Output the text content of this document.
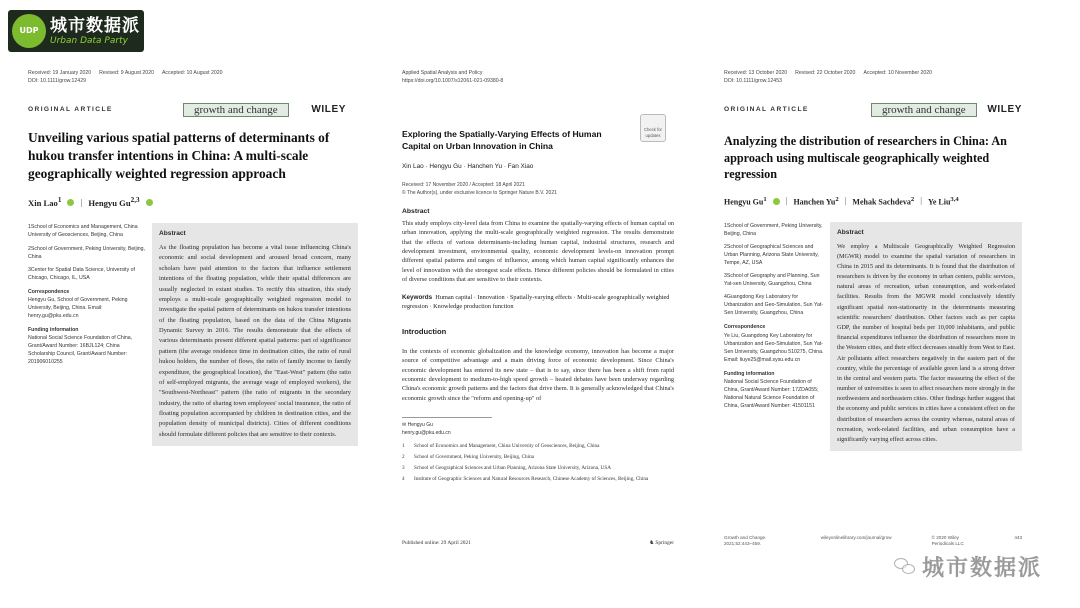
UDP 城市数据派
Urban Data Party
Received: 19 January 2020 Revised: 9 August 2020 Accepted: 10 August 2020
DOI: 10.1111/grow.12429
ORIGINAL ARTICLE	growth and change	WILEY
Unveiling various spatial patterns of determinants of hukou transfer intentions in China: A multi-scale geographically weighted regression approach
Xin Lao$^1$ | Hengyu Gu$^{2,3}$

1School of Economics and Management, China University of Geosciences, Beijing, China

2School of Government, Peking University, Beijing, China

3Center for Spatial Data Science, University of Chicago, Chicago, IL, USA

Correspondence
Hengyu Gu, School of Government, Peking University, Beijing, China. Email: henry.gu@pku.edu.cn

Funding information
National Social Science Foundation of China, Grant/Award Number: 16BJL124; China Scholarship Council, Grant/Award Number: 201906010255

Abstract
As the floating population has become a vital issue influencing China's economic and social development and aroused broad concern, many scholars have paid attention to the factors that influence settlement intentions of the floating population, while their spatial differences are usually neglected in extant studies. To rectify this situation, this study employs a multi-scale geographically weighted regression model to investigate the spatial pattern of determinants on hukou transfer intentions of the floating population, based on the data of the China Migrants Dynamic Survey in 2016. The results demonstrate that the effects of various determinants present different spatial patterns: part of significance pattern (the average residence time in destination cities, the ratio of rural hukou holders, the number of flows, the ratio of family income to family expenditure, the geographical location), the "East-West" pattern (the ratio of self-employed migrants, the average wage of employed workers), the "Southwest-Northeast" pattern (the ratio of migrants in the secondary industry, the ratio of sharing town employees' social insurance, the ratio of floating population accompanied by children in destination cities, and the population density of municipal districts). Cities of different conditions should formulate different policies that are sensitive to their contexts.
Applied Spatial Analysis and Policy
https://doi.org/10.1007/s12061-021-09380-8
Check for updates
Exploring the Spatially-Varying Effects of Human Capital on Urban Innovation in China
Xin Lao · Hengyu Gu · Hanchen Yu · Fan Xiao
Received: 17 November 2020 / Accepted: 18 April 2021
© The Author(s), under exclusive licence to Springer Nature B.V. 2021
Abstract
This study employs city-level data from China to examine the spatially-varying effects of human capital on urban innovation, applying the multi-scale geographically weighted regression. The results demonstrate that the effects of various determinants-including human capital, industrial structures, research and development investment, environmental quality, economic development levels-on innovation prompt different spatial patterns and ranges of influence, among which human capital significantly enhances the level of innovation with the strongest scale effects. Hence different policies should be formulated in cities of diverse conditions that are sensitive to their contexts.
Keywords Human capital · Innovation · Spatially-varying effects · Multi-scale geographically weighted regression · Knowledge production function
Introduction
In the contexts of economic globalization and the knowledge economy, innovation has become a major source of competitive advantage and a main driving force of economic development. Since China's economic development has entered its new state – that is to say, since there has been a shift from rapid economic development to medium-to-high speed growth – heated debates have been underway regarding China's economic growth patterns and the factors that drive them. It is generally acknowledged that China's economic growth since the "reform and opening-up" of
✉ Hengyu Gu
henry.gu@pku.edu.cn
1	School of Economics and Management, China University of Geosciences, Beijing, China
2	School of Government, Peking University, Beijing, China
3	School of Geographical Sciences and Urban Planning, Arizona State University, Arizona, USA
4	Institute of Geographic Sciences and Natural Resources Research, Chinese Academy of Sciences, Beijing, China
Published online: 29 April 2021	♞ Springer
Received: 13 October 2020 Revised: 22 October 2020 Accepted: 10 November 2020
DOI: 10.1111/grow.12453
ORIGINAL ARTICLE	growth and change	WILEY
Analyzing the distribution of researchers in China: An approach using multiscale geographically weighted regression
Hengyu Gu$^1$ | Hanchen Yu$^2$ | Mehak Sachdeva$^2$ | Ye Liu$^{3,4}$

1School of Government, Peking University, Beijing, China

2School of Geographical Sciences and Urban Planning, Arizona State University, Tempe, AZ, USA

3School of Geography and Planning, Sun Yat-sen University, Guangzhou, China

4Guangdong Key Laboratory for Urbanization and Geo-Simulation, Sun Yat-Sen University, Guangzhou, China

Correspondence
Ye Liu, Guangdong Key Laboratory for Urbanization and Geo-Simulation, Sun Yat-Sen University, Guangzhou 510275, China. Email: liuye25@mail.sysu.edu.cn

Funding information
National Social Science Foundation of China, Grant/Award Number: 17ZDA055; National Natural Science Foundation of China, Grant/Award Number: 41501151

Abstract
We employ a Multiscale Geographically Weighted Regression (MGWR) model to examine the spatial variation of researchers in China in 2015 and its determinants. It is found that the distribution of researchers is driven by the economy in urban centers, public services, natural areas of recreation, urban consumption, and work-related facilities. Results from the MGWR model conclusively identify significant spatial non-stationarity in the determinants measuring scientific researchers' distribution. Other factors such as per capita GDP, the number of hospital beds per 10,000 inhabitants, and public financial expenditures influence the distribution of researchers more in the Western cities, and their effect decreases steadily from West to East. Air pollutants affect researchers negatively in the eastern part of the country, while the percentage of available green land is a strong driver in the central and western parts. The factor measuring the effect of the number of universities is seen to affect researchers more strongly in the northwestern and northeastern cities. Other findings further suggest that the economy and public services in cities have a consistent effect on the distribution of researchers across the country whereas, natural areas of recreation, work-related facilities, and urban consumption have a significantly varying effect across cities.
Growth and Change. 2021;52:443–459.
wileyonlinelibrary.com/journal/grow	© 2020 Wiley Periodicals LLC
443
城市数据派
